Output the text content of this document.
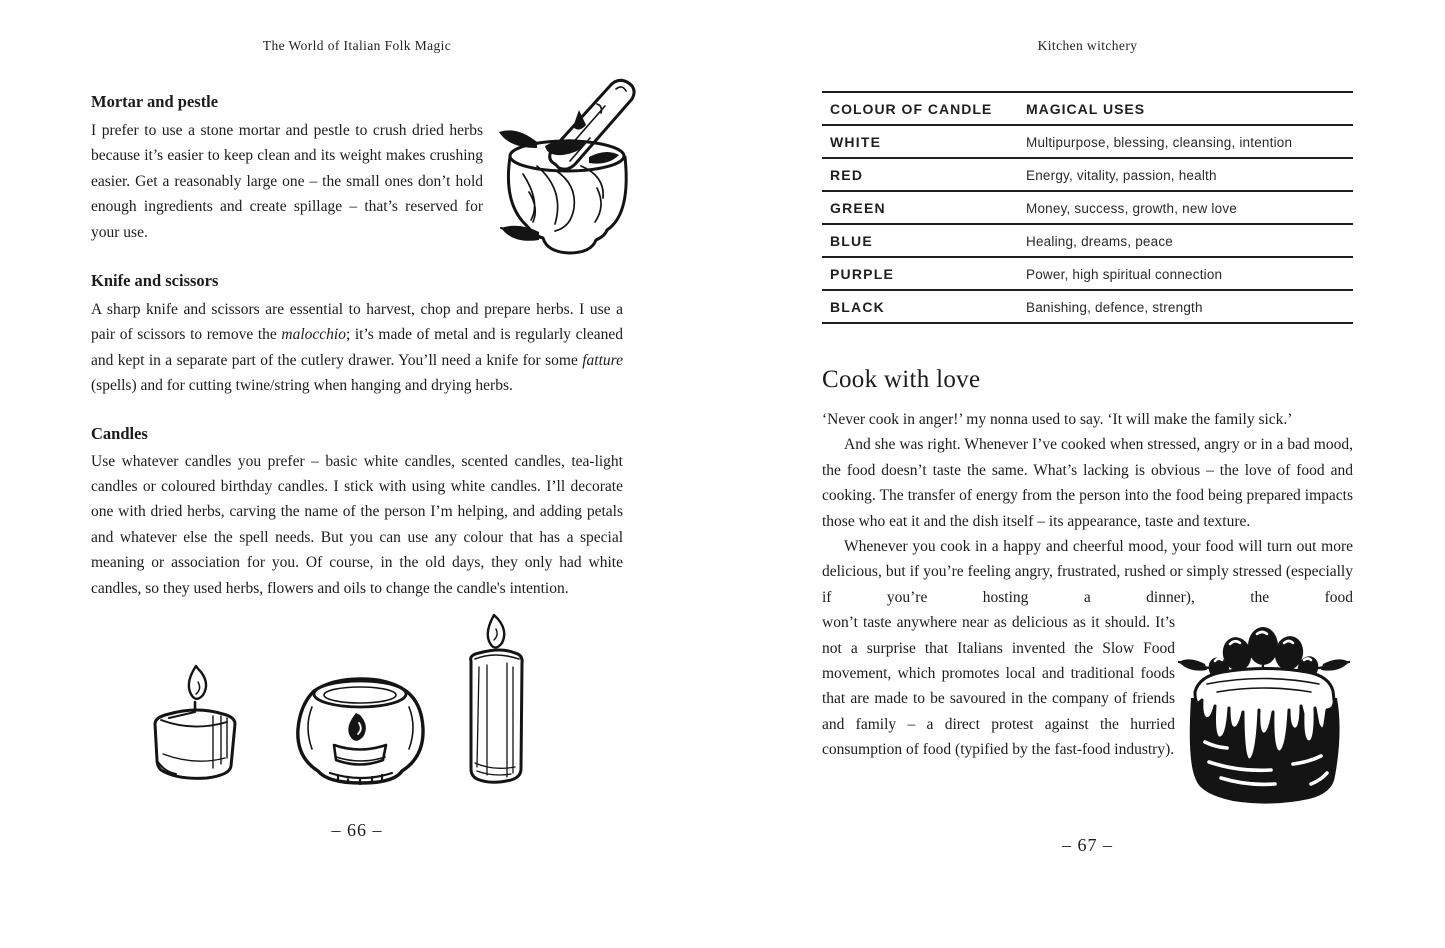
The World of Italian Folk Magic
Mortar and pestle

I prefer to use a stone mortar and pestle to crush dried herbs because it’s easier to keep clean and its weight makes crushing easier. Get a reasonably large one – the small ones don’t hold enough ingredients and create spillage – that’s reserved for your use.

Knife and scissors

A sharp knife and scissors are essential to harvest, chop and prepare herbs. I use a pair of scissors to remove the malocchio; it’s made of metal and is regularly cleaned and kept in a separate part of the cutlery drawer. You’ll need a knife for some fatture (spells) and for cutting twine/string when hanging and drying herbs.

Candles

Use whatever candles you prefer – basic white candles, scented candles, tea-light candles or coloured birthday candles. I stick with using white candles. I’ll decorate one with dried herbs, carving the name of the person I’m helping, and adding petals and whatever else the spell needs. But you can use any colour that has a special meaning or association for you. Of course, in the old days, they only had white candles, so they used herbs, flowers and oils to change the candle's intention.

– 66 –
Kitchen witchery
COLOUR OF CANDLE	MAGICAL USES
WHITE	Multipurpose, blessing, cleansing, intention
RED	Energy, vitality, passion, health
GREEN	Money, success, growth, new love
BLUE	Healing, dreams, peace
PURPLE	Power, high spiritual connection
BLACK	Banishing, defence, strength
Cook with love

‘Never cook in anger!’ my nonna used to say. ‘It will make the family sick.’

And she was right. Whenever I’ve cooked when stressed, angry or in a bad mood, the food doesn’t taste the same. What’s lacking is obvious – the love of food and cooking. The transfer of energy from the person into the food being prepared impacts those who eat it and the dish itself – its appearance, taste and texture.

Whenever you cook in a happy and cheerful mood, your food will turn out more delicious, but if you’re feeling angry, frustrated, rushed or simply stressed (especially if you’re hosting a dinner), the food

won’t taste anywhere near as delicious as it should. It’s not a surprise that Italians invented the Slow Food movement, which promotes local and traditional foods that are made to be savoured in the company of friends and family – a direct protest against the hurried consumption of food (typified by the fast-food industry).

– 67 –
